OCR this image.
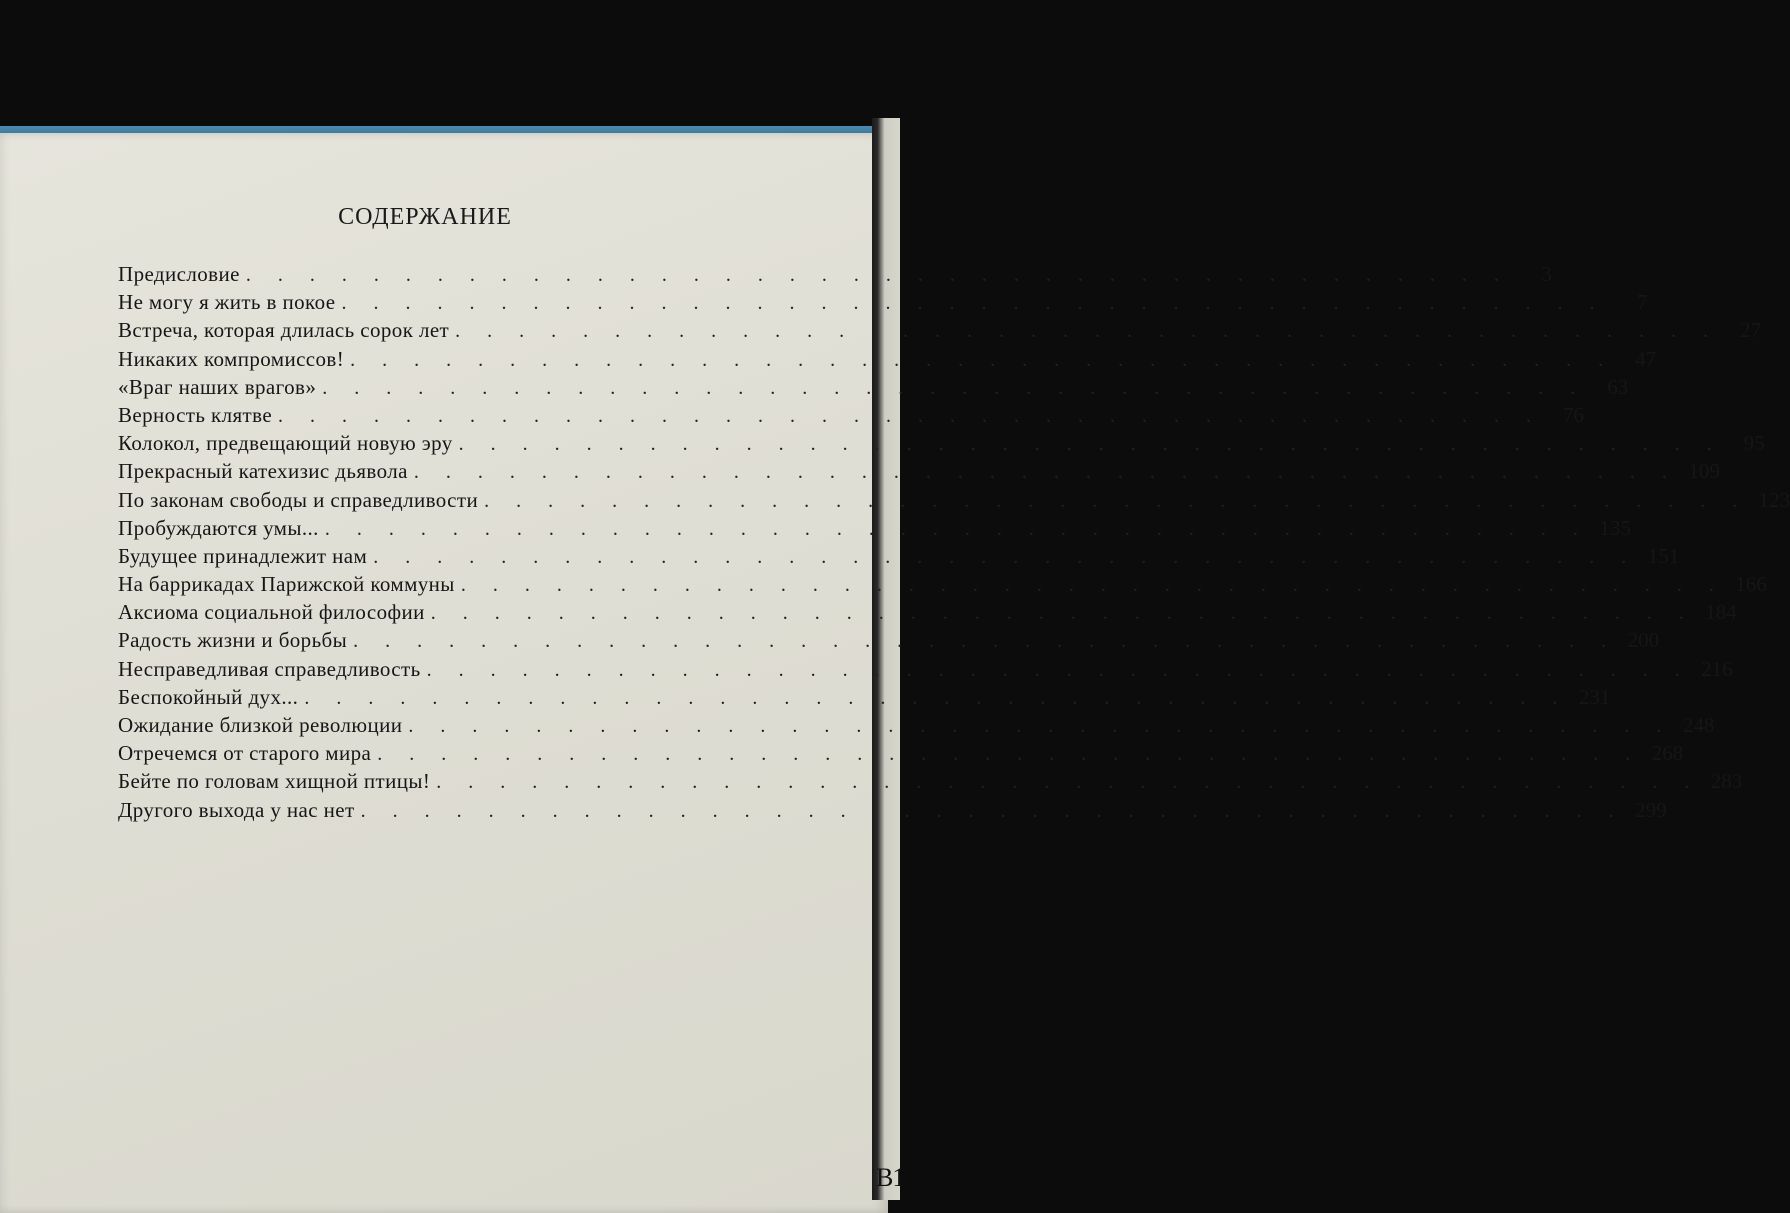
В1
СОДЕРЖАНИЕ
Предисловие . . .	3
Не могу я жить в покое . . .	7
Встреча, которая длилась сорок лет . . .	27
Никаких компромиссов! . . .	47
«Враг наших врагов» . . .	63
Верность клятве . . .	76
Колокол, предвещающий новую эру . . .	95
Прекрасный катехизис дьявола . . .	109
По законам свободы и справедливости . . .	123
Пробуждаются умы... . . .	135
Будущее принадлежит нам . . .	151
На баррикадах Парижской коммуны . . .	166
Аксиома социальной философии . . .	184
Радость жизни и борьбы . . .	200
Несправедливая справедливость . . .	216
Беспокойный дух... . . .	231
Ожидание близкой революции . . .	248
Отречемся от старого мира . . .	268
Бейте по головам хищной птицы! . . .	283
Другого выхода у нас нет . . .	299
